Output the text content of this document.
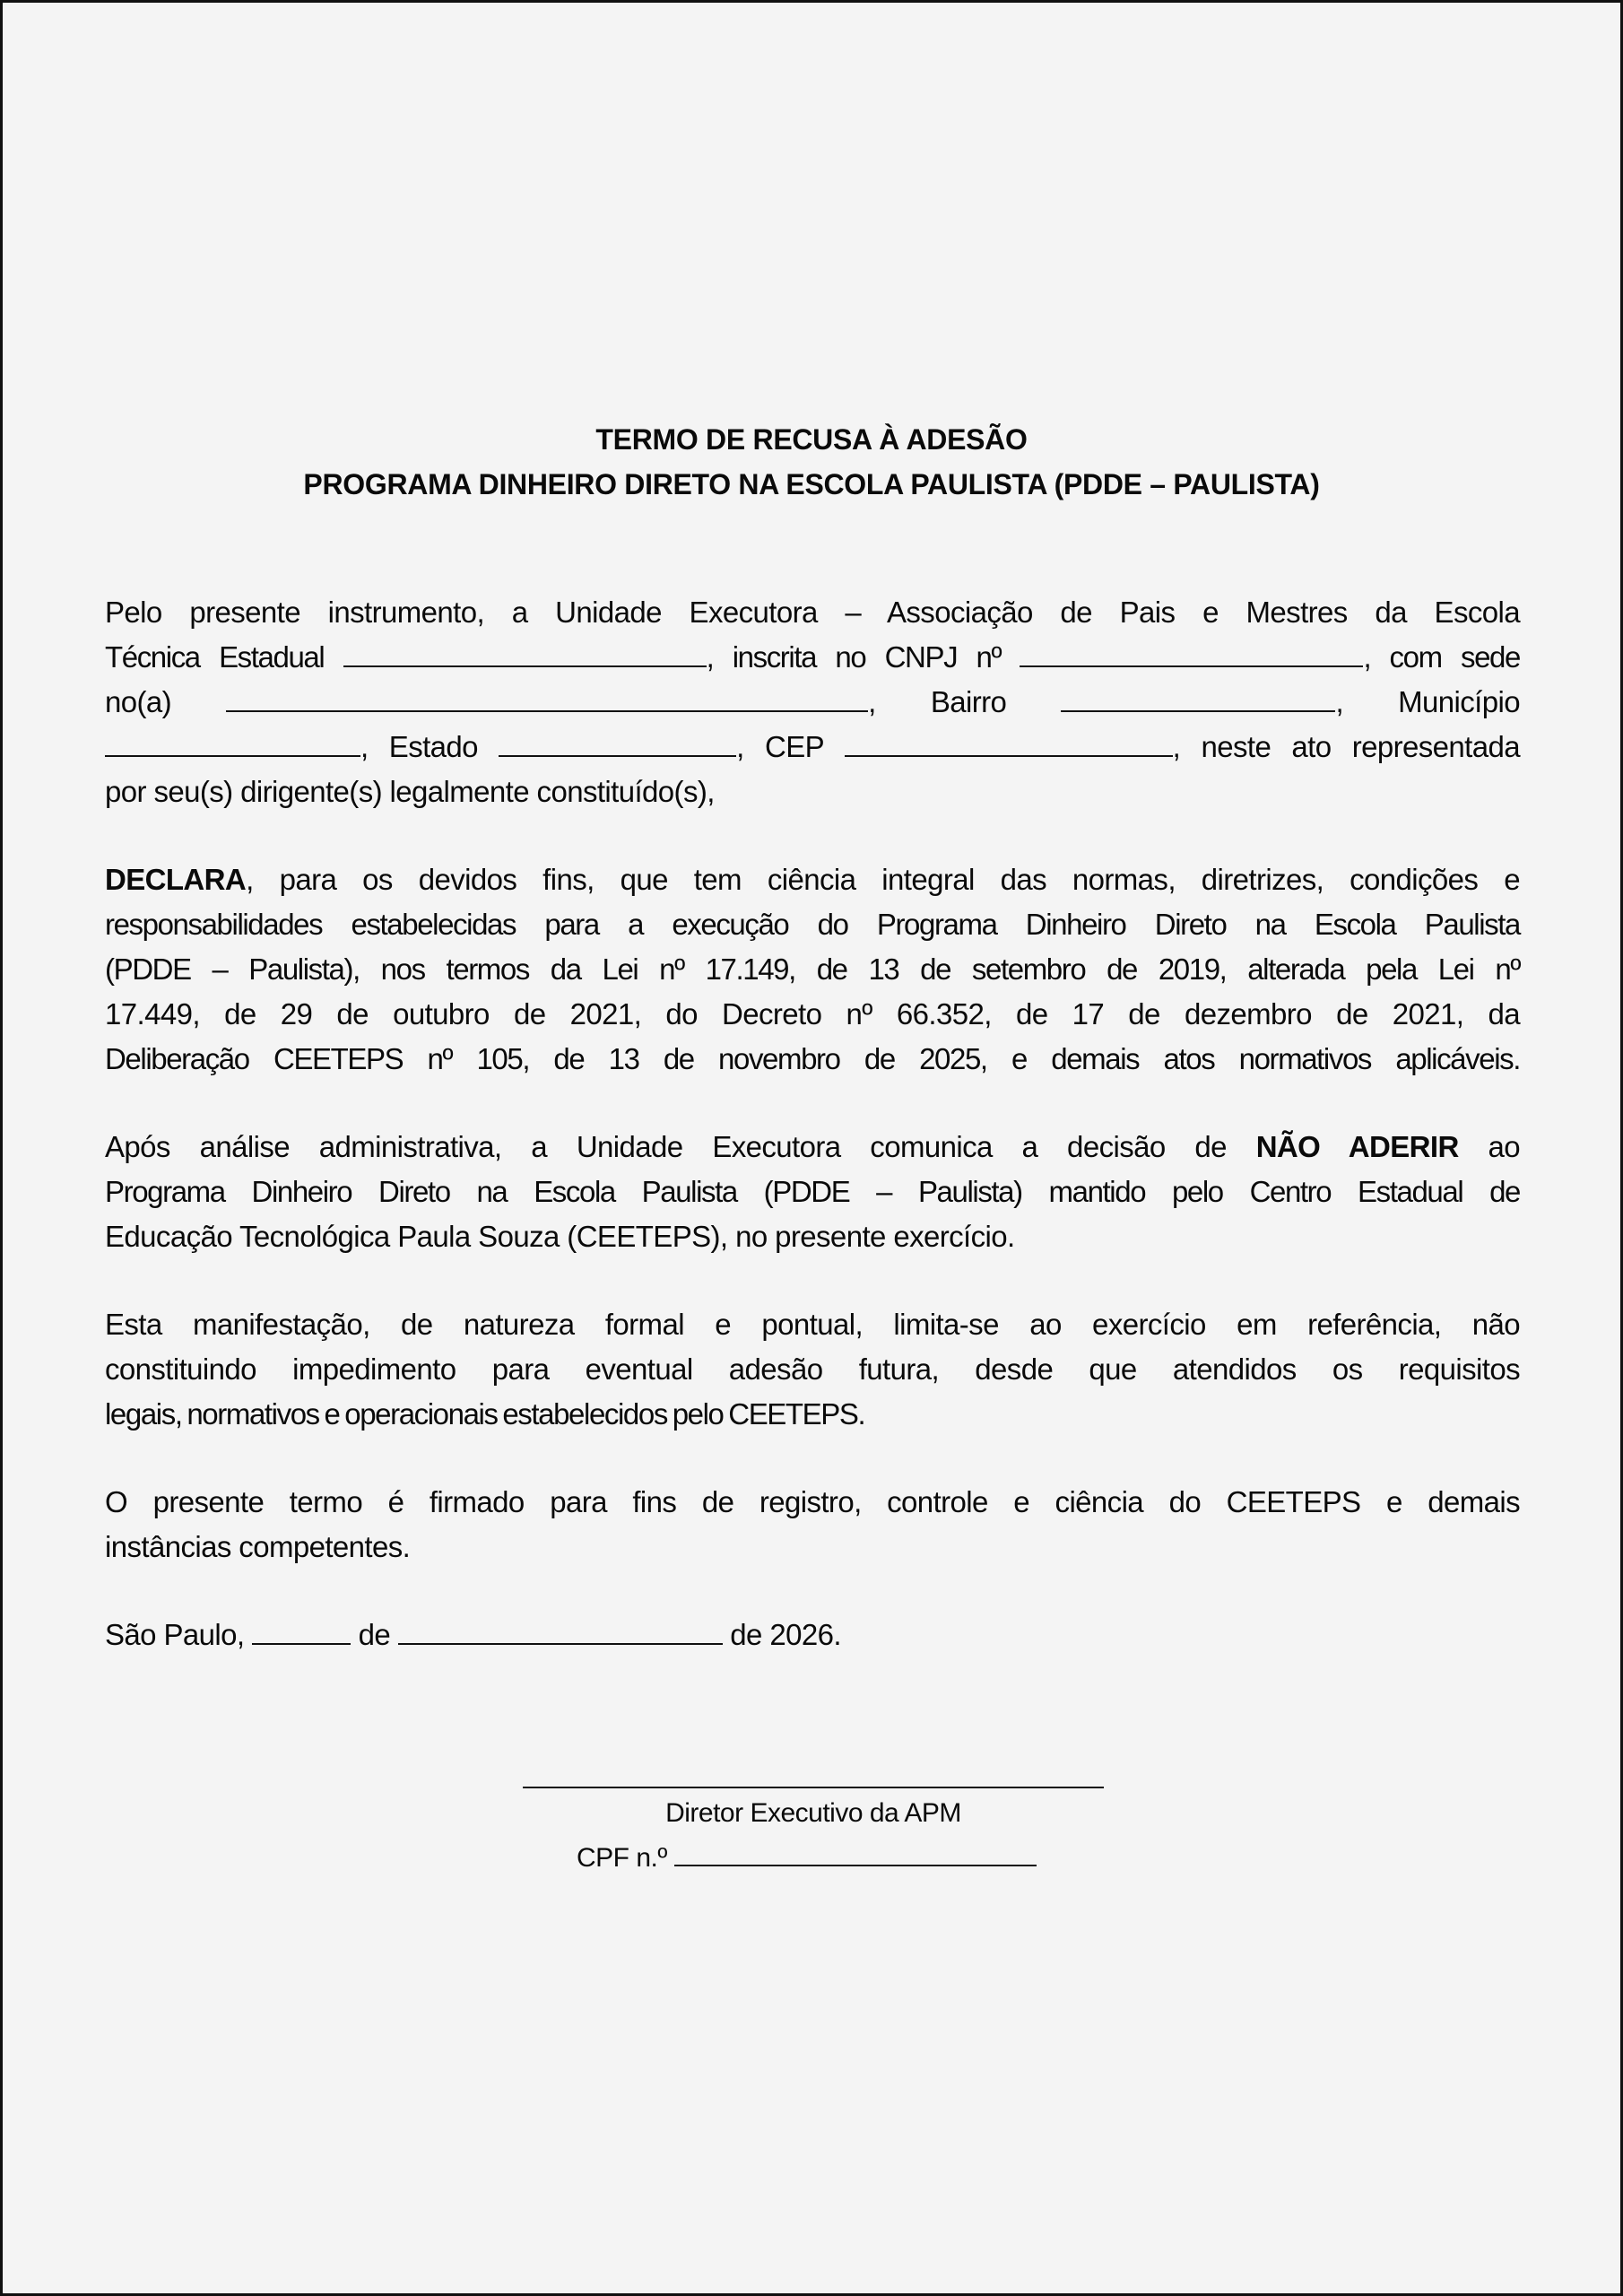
TERMO DE RECUSA À ADESÃO
PROGRAMA DINHEIRO DIRETO NA ESCOLA PAULISTA (PDDE – PAULISTA)
Pelo presente instrumento, a Unidade Executora – Associação de Pais e Mestres da Escola
Técnica Estadual	, inscrita no CNPJ nº	, com sede
no(a)	, Bairro	, Município
, Estado	, CEP	, neste ato representada
por seu(s) dirigente(s) legalmente constituído(s),
DECLARA, para os devidos fins, que tem ciência integral das normas, diretrizes, condições e
responsabilidades estabelecidas para a execução do Programa Dinheiro Direto na Escola Paulista
(PDDE – Paulista), nos termos da Lei nº 17.149, de 13 de setembro de 2019, alterada pela Lei nº
17.449, de 29 de outubro de 2021, do Decreto nº 66.352, de 17 de dezembro de 2021, da
Deliberação CEETEPS nº 105, de 13 de novembro de 2025, e demais atos normativos aplicáveis.
Após análise administrativa, a Unidade Executora comunica a decisão de NÃO ADERIR ao
Programa Dinheiro Direto na Escola Paulista (PDDE – Paulista) mantido pelo Centro Estadual de
Educação Tecnológica Paula Souza (CEETEPS), no presente exercício.
Esta manifestação, de natureza formal e pontual, limita-se ao exercício em referência, não
constituindo impedimento para eventual adesão futura, desde que atendidos os requisitos
legais, normativos e operacionais estabelecidos pelo CEETEPS.
O presente termo é firmado para fins de registro, controle e ciência do CEETEPS e demais
instâncias competentes.
São Paulo,	de	de 2026.
Diretor Executivo da APM
CPF n.º
